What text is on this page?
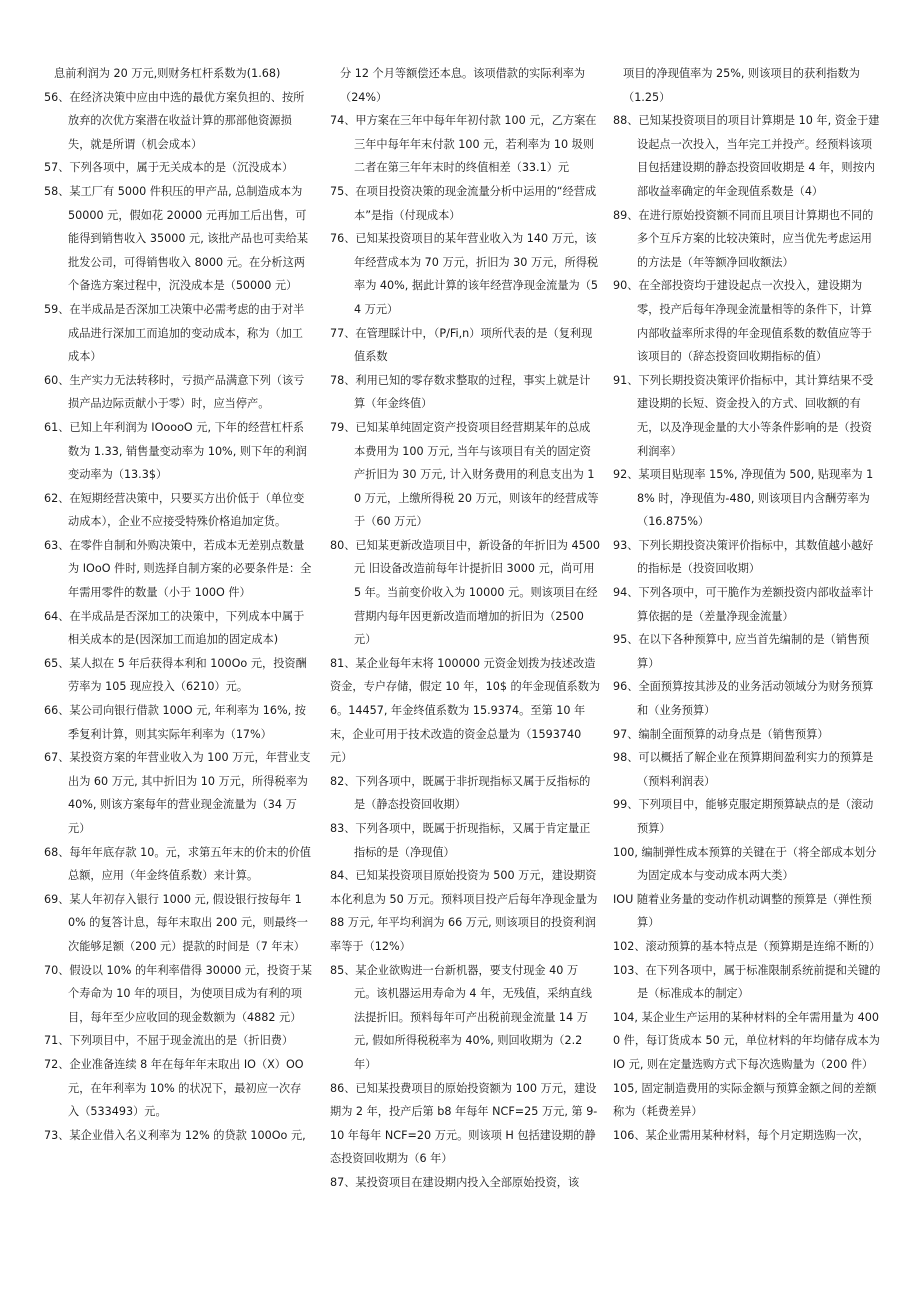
息前利润为 20 万元,则财务杠杆系数为(1.68)

56、在经济决策中应由中选的最优方案负担的、按所放弃的次优方案潜在收益计算的那部他资源损失，就是所谓（机会成本）

57、下列各项中，属于无关成本的是（沉没成本）

58、某工厂有 5000 件积压的甲产品, 总制造成本为 50000 元，假如花 20000 元再加工后出售，可能得到销售收入 35000 元, 该批产品也可卖给某批发公司，可得销售收入 8000 元。在分析这两个备选方案过程中，沉没成本是（50000 元）

59、在半成品是否深加工决策中必需考虑的由于对半成品进行深加工而追加的变动成本，称为（加工成本）

60、生产实力无法转移时，亏损产品满意下列（该亏损产品边际贡献小于零）时，应当停产。

61、已知上年利润为 IOoooO 元, 下年的经营杠杆系数为 1.33, 销售量变动率为 10%, 则下年的利润变动率为（13.3$）

62、在短期经营决策中，只要买方出价低于（单位变动成本），企业不应接受特殊价格追加定货。

63、在零件自制和外购决策中，若成本无差别点数量为 IOoO 件时, 则选择自制方案的必要条件是：全年需用零件的数量（小于 100O 件）

64、在半成品是否深加工的决策中，下列成本中属于相关成本的是(因深加工而追加的固定成本)

65、某人拟在 5 年后获得本利和 100Oo 元，投资酬劳率为 105 现应投入（6210）元。

66、某公司向银行借款 100O 元, 年利率为 16%, 按季复利计算，则其实际年利率为（17%）

67、某投资方案的年营业收入为 100 万元，年营业支出为 60 万元, 其中折旧为 10 万元，所得税率为 40%, 则该方案每年的营业现金流量为（34 万元）

68、每年年底存款 10。元，求第五年末的价末的价值总额，应用（年金终值系数）来计算。

69、某人年初存入银行 1000 元, 假设银行按每年 10% 的复答计息，每年末取出 200 元，则最终一次能够足额（200 元）提款的时间是（7 年末）

70、假设以 10% 的年利率借得 30000 元，投资于某个寿命为 10 年的项目，为使项目成为有利的项目，每年至少应收回的现金数额为（4882 元）

71、下列项目中，不屈于现金流出的是（折旧费）

72、企业准备连续 8 年在每年年末取出 IO（X）OO 元，在年利率为 10% 的状况下，最初应一次存入（533493）元。

73、某企业借入名义利率为 12% 的贷款 100Oo 元,

分 12 个月等额偿还本息。该项借款的实际利率为（24%）

74、甲方案在三年中每年年初付款 100 元，乙方案在三年中每年年末付款 100 元，若利率为 10 圾则二者在第三年年末时的终值相差（33.1）元

75、在项目投资决策的现金流量分析中运用的“经营成本”是指（付现成本）

76、已知某投资项目的某年营业收入为 140 万元，该年经营成本为 70 万元，折旧为 30 万元，所得税率为 40%, 据此计算的该年经营净现金流量为（54 万元）

77、在管理睬计中，（P/Fi,n）项所代表的是（复利现值系数

78、利用已知的零存数求整取的过程，事实上就是计算（年金终值）

79、已知某单纯固定资产投资项目经营期某年的总成本费用为 100 万元, 当年与该项目有关的固定资产折旧为 30 万元, 计入财务费用的利息支出为 10 万元，上缴所得税 20 万元，则该年的经营成等于（60 万元）

80、已知某更新改造项目中，新设备的年折旧为 4500 元 旧设备改造前每年计提折旧 3000 元，尚可用 5 年。当前变价收入为 10000 元。则该项目在经营期内每年因更新改造而增加的折旧为（2500 元）

81、某企业每年末将 100000 元资金划拨为技述改造资金，专户存储，假定 10 年，10$ 的年金现值系数为 6。14457, 年金终值系数为 15.9374。至第 10 年末，企业可用于技术改造的资金总量为（1593740 元）

82、下列各项中，既属于非折现指标又属于反指标的是（静态投资回收期）

83、下列各项中，既属于折现指标，又属于肯定量正指标的是（净现值）

84、已知某投资项目原始投资为 500 万元，建设期资本化利息为 50 万元。预料项目投产后每年净现金量为 88 万元, 年平均利润为 66 万元, 则该项目的投资利润率等于（12%）

85、某企业欲购进一台新机器，要支付现金 40 万元。该机器运用寿命为 4 年，无残值，采纳直线法提折旧。预料每年可产出税前现金流量 14 万元, 假如所得税税率为 40%, 则回收期为（2.2 年）

86、已知某投费项目的原始投资额为 100 万元，建设期为 2 年，投产后第 b8 年每年 NCF=25 万元, 第 9-10 年每年 NCF=20 万元。则该项 H 包括建设期的静态投资回收期为（6 年）

87、某投资项目在建设期内投入全部原始投资，该

项目的净现值率为 25%, 则该项目的获利指数为（1.25）

88、已知某投资项目的项目计算期是 10 年, 资金于建设起点一次投入，当年完工并投产。经预料该项目包括建设期的静态投资回收期是 4 年，则按内部收益率确定的年金现值系数是（4）

89、在进行原始投资额不同而且项目计算期也不同的多个互斥方案的比较决策时，应当优先考虑运用的方法是（年等额净回收额法）

90、在全部投资均于建设起点一次投入，建设期为零，投产后每年净现金流量相等的条件下，计算内部收益率所求得的年金现值系数的数值应等于该项目的（辞态投资回收期指标的值）

91、下列长期投资决策评价指标中，其计算结果不受建设期的长短、资金投入的方式、回收额的有无，以及净现金量的大小等条件影响的是（投资利润率）

92、某项目贴现率 15%, 净现值为 500, 贴现率为 18% 时，净现值为-480, 则该项目内含酬劳率为（16.875%）

93、下列长期投资决策评价指标中，其数值越小越好的指标是（投资回收期）

94、下列各项中，可干脆作为差额投资内部收益率计算依据的是（差量净现金流量）

95、在以下各种预算中, 应当首先编制的是（销售预算）

96、全面预算按其涉及的业务活动领域分为财务预算和（业务预算）

97、编制全面预算的动身点是（销售预算）

98、可以概括了解企业在预算期间盈利实力的预算是（预料利润表）

99、下列项目中，能够克服定期预算缺点的是（滚动预算）

100, 编制弹性成本预算的关键在于（将全部成本划分为固定成本与变动成本两大类）

IOU 随着业务量的变动作机动调整的预算是（弹性预算）

102、滚动预算的基本特点是（预算期是连绵不断的）

103、在下列各项中，属于标准限制系统前提和关键的是（标准成本的制定）

104, 某企业生产运用的某种材料的全年需用量为 4000 件，每订货成本 50 元，单位材料的年均储存成本为 IO 元, 则在定量选购方式下每次选购量为（200 件）

105, 固定制造费用的实际金额与预算金额之间的差额称为（耗费差异）

106、某企业需用某种材料，每个月定期选购一次，
